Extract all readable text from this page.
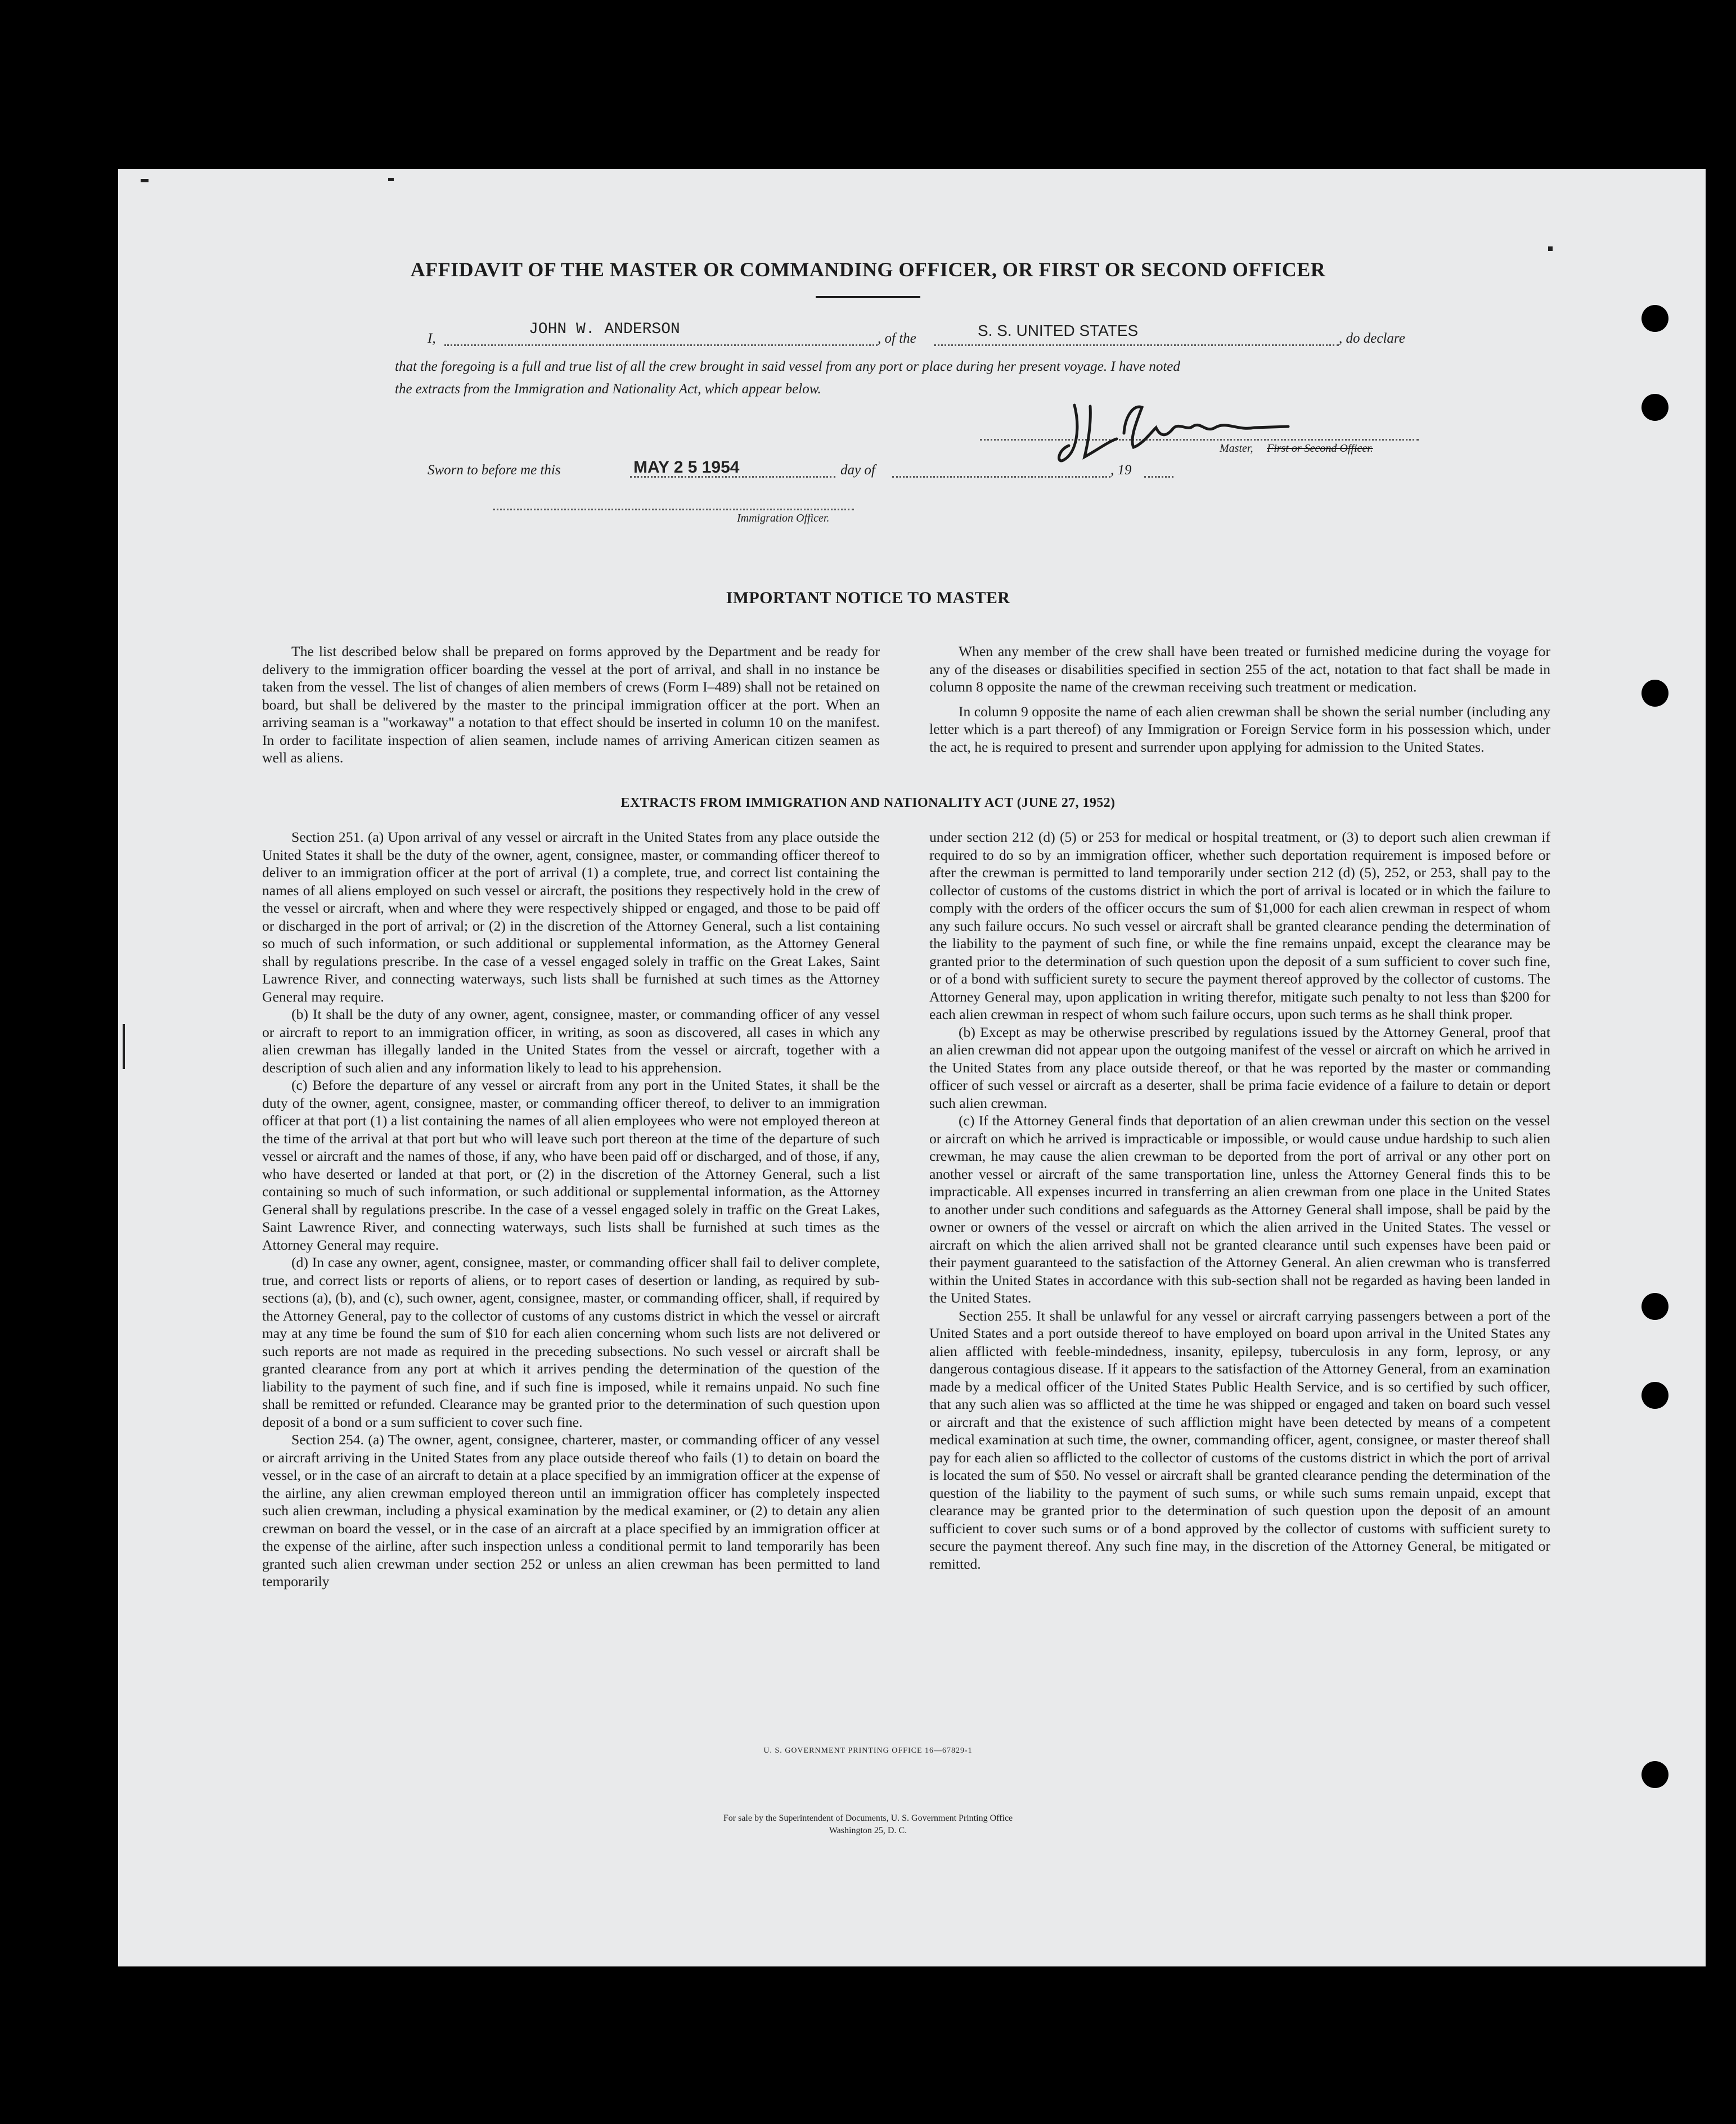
AFFIDAVIT OF THE MASTER OR COMMANDING OFFICER, OR FIRST OR SECOND OFFICER
I,
JOHN W. ANDERSON
, of the	S. S. UNITED STATES	, do declare
that the foregoing is a full and true list of all the crew brought in said vessel from any port or place during her present voyage. I have noted
the extracts from the Immigration and Nationality Act, which appear below.
Master, First or Second Officer.
Sworn to before me this	MAY 2 5 1954	day of	, 19
Immigration Officer.
IMPORTANT NOTICE TO MASTER

The list described below shall be prepared on forms approved by the Department and be ready for delivery to the immigration officer boarding the vessel at the port of arrival, and shall in no instance be taken from the vessel. The list of changes of alien members of crews (Form I–489) shall not be retained on board, but shall be delivered by the master to the principal immigration officer at the port. When an arriving seaman is a "workaway" a notation to that effect should be inserted in column 10 on the manifest. In order to facilitate inspection of alien seamen, include names of arriving American citizen seamen as well as aliens.

When any member of the crew shall have been treated or furnished medicine during the voyage for any of the diseases or disabilities specified in section 255 of the act, notation to that fact shall be made in column 8 opposite the name of the crewman receiving such treatment or medication.

In column 9 opposite the name of each alien crewman shall be shown the serial number (including any letter which is a part thereof) of any Immigration or Foreign Service form in his possession which, under the act, he is required to present and surrender upon applying for admission to the United States.

EXTRACTS FROM IMMIGRATION AND NATIONALITY ACT (JUNE 27, 1952)

Section 251. (a) Upon arrival of any vessel or aircraft in the United States from any place outside the United States it shall be the duty of the owner, agent, consignee, master, or commanding officer thereof to deliver to an immigration officer at the port of arrival (1) a complete, true, and correct list containing the names of all aliens employed on such vessel or aircraft, the positions they respectively hold in the crew of the vessel or aircraft, when and where they were respectively shipped or engaged, and those to be paid off or discharged in the port of arrival; or (2) in the discretion of the Attorney General, such a list containing so much of such information, or such additional or supplemental information, as the Attorney General shall by regulations prescribe. In the case of a vessel engaged solely in traffic on the Great Lakes, Saint Lawrence River, and connecting waterways, such lists shall be furnished at such times as the Attorney General may require.

(b) It shall be the duty of any owner, agent, consignee, master, or commanding officer of any vessel or aircraft to report to an immigration officer, in writing, as soon as discovered, all cases in which any alien crewman has illegally landed in the United States from the vessel or aircraft, together with a description of such alien and any information likely to lead to his apprehension.

(c) Before the departure of any vessel or aircraft from any port in the United States, it shall be the duty of the owner, agent, consignee, master, or commanding officer thereof, to deliver to an immigration officer at that port (1) a list containing the names of all alien employees who were not employed thereon at the time of the arrival at that port but who will leave such port thereon at the time of the departure of such vessel or aircraft and the names of those, if any, who have been paid off or discharged, and of those, if any, who have deserted or landed at that port, or (2) in the discretion of the Attorney General, such a list containing so much of such information, or such additional or supplemental information, as the Attorney General shall by regulations prescribe. In the case of a vessel engaged solely in traffic on the Great Lakes, Saint Lawrence River, and connecting waterways, such lists shall be furnished at such times as the Attorney General may require.

(d) In case any owner, agent, consignee, master, or commanding officer shall fail to deliver complete, true, and correct lists or reports of aliens, or to report cases of desertion or landing, as required by sub-sections (a), (b), and (c), such owner, agent, consignee, master, or commanding officer, shall, if required by the Attorney General, pay to the collector of customs of any customs district in which the vessel or aircraft may at any time be found the sum of $10 for each alien concerning whom such lists are not delivered or such reports are not made as required in the preceding subsections. No such vessel or aircraft shall be granted clearance from any port at which it arrives pending the determination of the question of the liability to the payment of such fine, and if such fine is imposed, while it remains unpaid. No such fine shall be remitted or refunded. Clearance may be granted prior to the determination of such question upon deposit of a bond or a sum sufficient to cover such fine.

Section 254. (a) The owner, agent, consignee, charterer, master, or commanding officer of any vessel or aircraft arriving in the United States from any place outside thereof who fails (1) to detain on board the vessel, or in the case of an aircraft to detain at a place specified by an immigration officer at the expense of the airline, any alien crewman employed thereon until an immigration officer has completely inspected such alien crewman, including a physical examination by the medical examiner, or (2) to detain any alien crewman on board the vessel, or in the case of an aircraft at a place specified by an immigration officer at the expense of the airline, after such inspection unless a conditional permit to land temporarily has been granted such alien crewman under section 252 or unless an alien crewman has been permitted to land temporarily

under section 212 (d) (5) or 253 for medical or hospital treatment, or (3) to deport such alien crewman if required to do so by an immigration officer, whether such deportation requirement is imposed before or after the crewman is permitted to land temporarily under section 212 (d) (5), 252, or 253, shall pay to the collector of customs of the customs district in which the port of arrival is located or in which the failure to comply with the orders of the officer occurs the sum of $1,000 for each alien crewman in respect of whom any such failure occurs. No such vessel or aircraft shall be granted clearance pending the determination of the liability to the payment of such fine, or while the fine remains unpaid, except the clearance may be granted prior to the determination of such question upon the deposit of a sum sufficient to cover such fine, or of a bond with sufficient surety to secure the payment thereof approved by the collector of customs. The Attorney General may, upon application in writing therefor, mitigate such penalty to not less than $200 for each alien crewman in respect of whom such failure occurs, upon such terms as he shall think proper.

(b) Except as may be otherwise prescribed by regulations issued by the Attorney General, proof that an alien crewman did not appear upon the outgoing manifest of the vessel or aircraft on which he arrived in the United States from any place outside thereof, or that he was reported by the master or commanding officer of such vessel or aircraft as a deserter, shall be prima facie evidence of a failure to detain or deport such alien crewman.

(c) If the Attorney General finds that deportation of an alien crewman under this section on the vessel or aircraft on which he arrived is impracticable or impossible, or would cause undue hardship to such alien crewman, he may cause the alien crewman to be deported from the port of arrival or any other port on another vessel or aircraft of the same transportation line, unless the Attorney General finds this to be impracticable. All expenses incurred in transferring an alien crewman from one place in the United States to another under such conditions and safeguards as the Attorney General shall impose, shall be paid by the owner or owners of the vessel or aircraft on which the alien arrived in the United States. The vessel or aircraft on which the alien arrived shall not be granted clearance until such expenses have been paid or their payment guaranteed to the satisfaction of the Attorney General. An alien crewman who is transferred within the United States in accordance with this sub-section shall not be regarded as having been landed in the United States.

Section 255. It shall be unlawful for any vessel or aircraft carrying passengers between a port of the United States and a port outside thereof to have employed on board upon arrival in the United States any alien afflicted with feeble-mindedness, insanity, epilepsy, tuberculosis in any form, leprosy, or any dangerous contagious disease. If it appears to the satisfaction of the Attorney General, from an examination made by a medical officer of the United States Public Health Service, and is so certified by such officer, that any such alien was so afflicted at the time he was shipped or engaged and taken on board such vessel or aircraft and that the existence of such affliction might have been detected by means of a competent medical examination at such time, the owner, commanding officer, agent, consignee, or master thereof shall pay for each alien so afflicted to the collector of customs of the customs district in which the port of arrival is located the sum of $50. No vessel or aircraft shall be granted clearance pending the determination of the question of the liability to the payment of such sums, or while such sums remain unpaid, except that clearance may be granted prior to the determination of such question upon the deposit of an amount sufficient to cover such sums or of a bond approved by the collector of customs with sufficient surety to secure the payment thereof. Any such fine may, in the discretion of the Attorney General, be mitigated or remitted.

U. S. GOVERNMENT PRINTING OFFICE 16—67829-1
For sale by the Superintendent of Documents, U. S. Government Printing Office
Washington 25, D. C.
